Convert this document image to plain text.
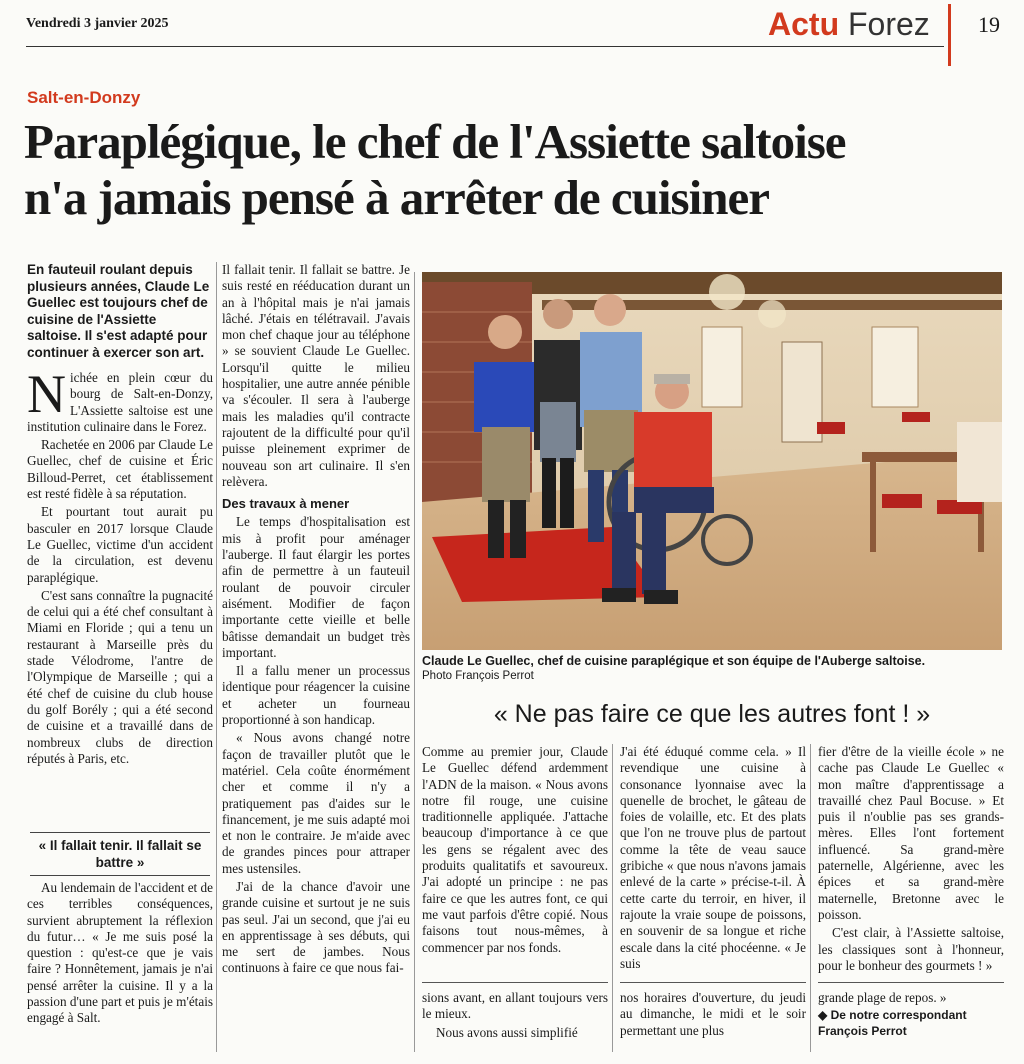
Vendredi 3 janvier 2025	Actu Forez 19
Salt-en-Donzy
Paraplégique, le chef de l'Assiette saltoise
n'a jamais pensé à arrêter de cuisiner
En fauteuil roulant depuis plusieurs années, Claude Le Guellec est toujours chef de cuisine de l'Assiette saltoise. Il s'est adapté pour continuer à exercer son art.

Nichée en plein cœur du bourg de Salt-en-Donzy, L'Assiette saltoise est une institution culinaire dans le Forez.

Rachetée en 2006 par Claude Le Guellec, chef de cuisine et Éric Billoud-Perret, cet établissement est resté fidèle à sa réputation.

Et pourtant tout aurait pu basculer en 2017 lorsque Claude Le Guellec, victime d'un accident de la circulation, est devenu paraplégique.

C'est sans connaître la pugnacité de celui qui a été chef consultant à Miami en Floride ; qui a tenu un restaurant à Marseille près du stade Vélodrome, l'antre de l'Olympique de Marseille ; qui a été chef de cuisine du club house du golf Borély ; qui a été second de cuisine et a travaillé dans de nombreux clubs de direction réputés à Paris, etc.

« Il fallait tenir. Il fallait se battre »

Au lendemain de l'accident et de ces terribles conséquences, survient abruptement la réflexion du futur… « Je me suis posé la question : qu'est-ce que je vais faire ? Honnêtement, jamais je n'ai pensé arrêter la cuisine. Il y a la passion d'une part et puis je m'étais engagé à Salt.

Il fallait tenir. Il fallait se battre. Je suis resté en rééducation durant un an à l'hôpital mais je n'ai jamais lâché. J'étais en télétravail. J'avais mon chef chaque jour au téléphone » se souvient Claude Le Guellec. Lorsqu'il quitte le milieu hospitalier, une autre année pénible va s'écouler. Il sera à l'auberge mais les maladies qu'il contracte rajoutent de la difficulté pour qu'il puisse pleinement exprimer de nouveau son art culinaire. Il s'en relèvera.

Des travaux à mener

Le temps d'hospitalisation est mis à profit pour aménager l'auberge. Il faut élargir les portes afin de permettre à un fauteuil roulant de pouvoir circuler aisément. Modifier de façon importante cette vieille et belle bâtisse demandait un budget très important.

Il a fallu mener un processus identique pour réagencer la cuisine et acheter un fourneau proportionné à son handicap.

« Nous avons changé notre façon de travailler plutôt que le matériel. Cela coûte énormément cher et comme il n'y a pratiquement pas d'aides sur le financement, je me suis adapté moi et non le contraire. Je m'aide avec de grandes pinces pour attraper mes ustensiles.

J'ai de la chance d'avoir une grande cuisine et surtout je ne suis pas seul. J'ai un second, que j'ai eu en apprentissage à ses débuts, qui me sert de jambes. Nous continuons à faire ce que nous fai-

Claude Le Guellec, chef de cuisine paraplégique et son équipe de l'Auberge saltoise.
Photo François Perrot
« Ne pas faire ce que les autres font ! »

Comme au premier jour, Claude Le Guellec défend ardemment l'ADN de la maison. « Nous avons notre fil rouge, une cuisine traditionnelle appliquée. J'attache beaucoup d'importance à ce que les gens se régalent avec des produits qualitatifs et savoureux. J'ai adopté un principe : ne pas faire ce que les autres font, ce qui me vaut parfois d'être copié. Nous faisons tout nous-mêmes, à commencer par nos fonds.

J'ai été éduqué comme cela. » Il revendique une cuisine à consonance lyonnaise avec la quenelle de brochet, le gâteau de foies de volaille, etc. Et des plats que l'on ne trouve plus de partout comme la tête de veau sauce gribiche « que nous n'avons jamais enlevé de la carte » précise-t-il. À cette carte du terroir, en hiver, il rajoute la vraie soupe de poissons, en souvenir de sa longue et riche escale dans la cité phocéenne. « Je suis

fier d'être de la vieille école » ne cache pas Claude Le Guellec « mon maître d'apprentissage a travaillé chez Paul Bocuse. » Et puis il n'oublie pas ses grands-mères. Elles l'ont fortement influencé. Sa grand-mère paternelle, Algérienne, avec les épices et sa grand-mère maternelle, Bretonne avec le poisson.

C'est clair, à l'Assiette saltoise, les classiques sont à l'honneur, pour le bonheur des gourmets ! »

sions avant, en allant toujours vers le mieux.

Nous avons aussi simplifié

nos horaires d'ouverture, du jeudi au dimanche, le midi et le soir permettant une plus

grande plage de repos. »

◆ De notre correspondant
François Perrot
